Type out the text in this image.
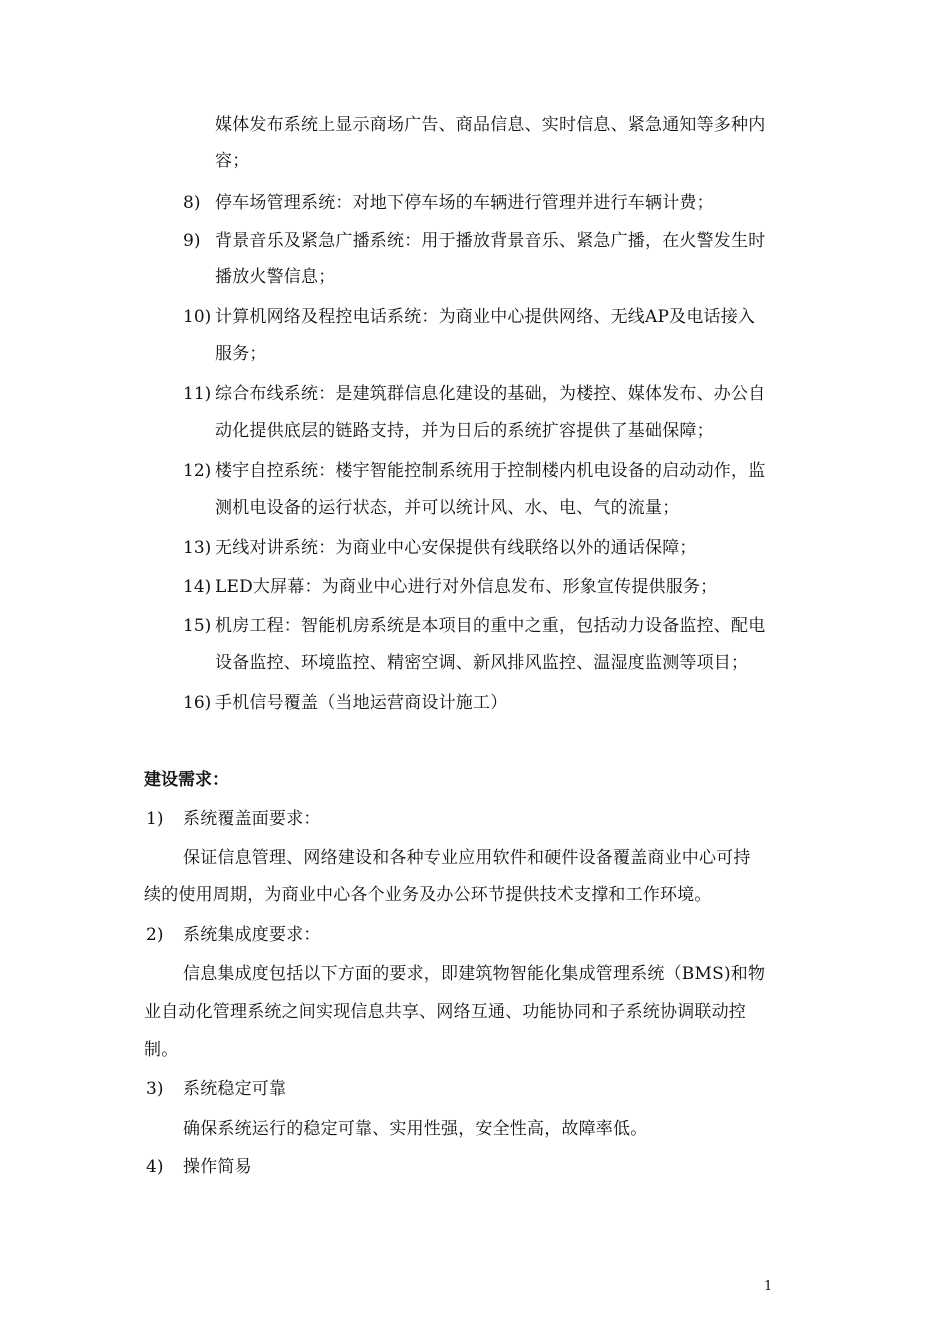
媒体发布系统上显示商场广告、商品信息、实时信息、紧急通知等多种内
容；
8) 停车场管理系统：对地下停车场的车辆进行管理并进行车辆计费；
9) 背景音乐及紧急广播系统：用于播放背景音乐、紧急广播，在火警发生时
播放火警信息；
10) 计算机网络及程控电话系统：为商业中心提供网络、无线AP及电话接入
服务；
11) 综合布线系统：是建筑群信息化建设的基础，为楼控、媒体发布、办公自
动化提供底层的链路支持，并为日后的系统扩容提供了基础保障；
12) 楼宇自控系统：楼宇智能控制系统用于控制楼内机电设备的启动动作，监
测机电设备的运行状态，并可以统计风、水、电、气的流量；
13) 无线对讲系统：为商业中心安保提供有线联络以外的通话保障；
14) LED大屏幕：为商业中心进行对外信息发布、形象宣传提供服务；
15) 机房工程：智能机房系统是本项目的重中之重，包括动力设备监控、配电
设备监控、环境监控、精密空调、新风排风监控、温湿度监测等项目；
16) 手机信号覆盖（当地运营商设计施工）
建设需求：
1) 系统覆盖面要求：
保证信息管理、网络建设和各种专业应用软件和硬件设备覆盖商业中心可持
续的使用周期，为商业中心各个业务及办公环节提供技术支撑和工作环境。
2) 系统集成度要求：
信息集成度包括以下方面的要求，即建筑物智能化集成管理系统（BMS)和物
业自动化管理系统之间实现信息共享、网络互通、功能协同和子系统协调联动控
制。
3) 系统稳定可靠
确保系统运行的稳定可靠、实用性强，安全性高，故障率低。
4) 操作简易
1
